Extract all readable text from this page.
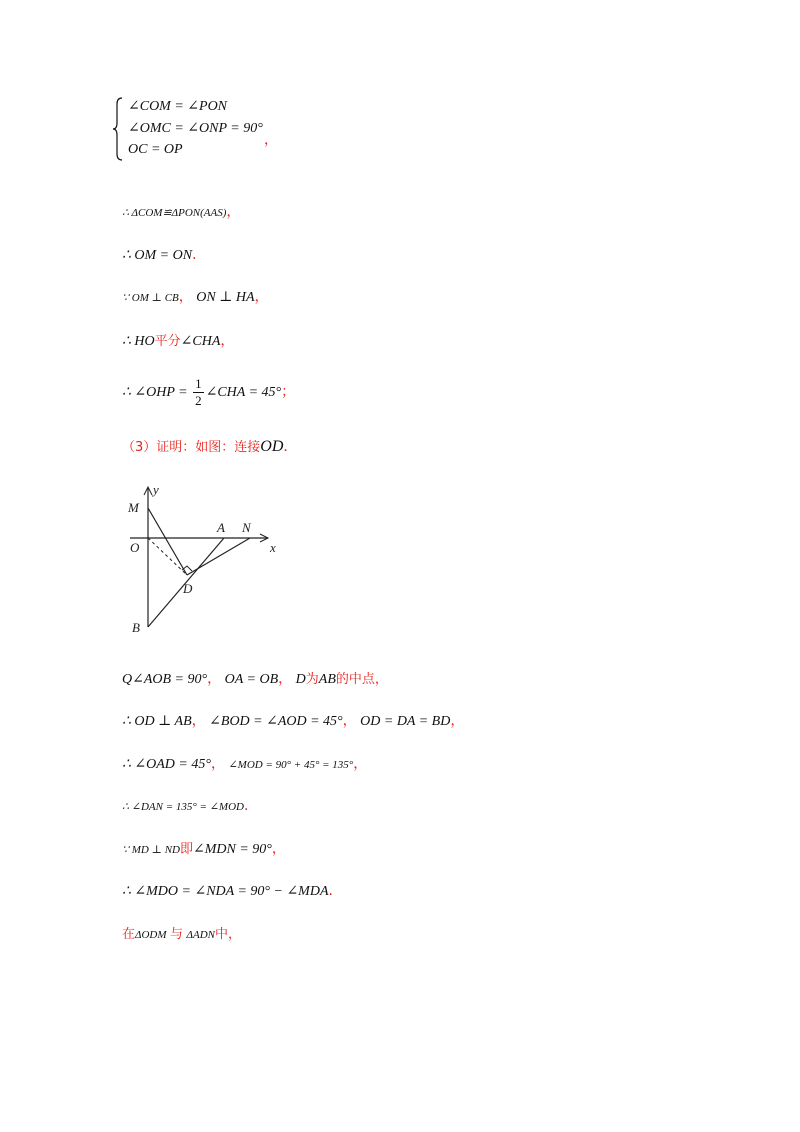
∠COM = ∠PON
∠OMC = ∠ONP = 90°
OC = OP
，
∴ ΔCOM≌ΔPON(AAS)，
∴ OM = ON．
∵ OM ⊥ CB， ON ⊥ HA，
∴ HO平分∠CHA，
∴ ∠OHP = $\frac{1}{2}$ ∠CHA = 45°；
（3）证明：如图：连接OD．
y
x
M
O
A N
D
B
Q∠AOB = 90°， OA = OB， D为AB的中点，
∴ OD ⊥ AB， ∠BOD = ∠AOD = 45°， OD = DA = BD，
∴ ∠OAD = 45°， ∠MOD = 90° + 45° = 135°，
∴ ∠DAN = 135° = ∠MOD．
∵ MD ⊥ ND即∠MDN = 90°，
∴ ∠MDO = ∠NDA = 90° − ∠MDA．
在ΔODM 与 ΔADN中，
